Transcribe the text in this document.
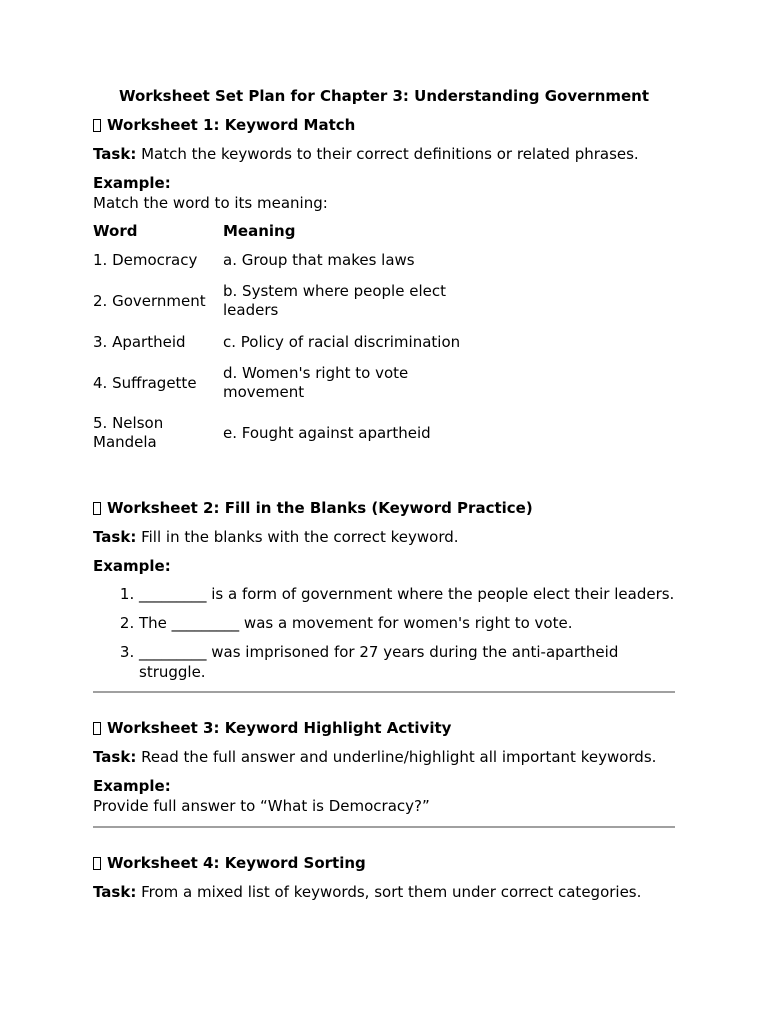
Worksheet Set Plan for Chapter 3: Understanding Government
Worksheet 1: Keyword Match

Task: Match the keywords to their correct definitions or related phrases.

Example:

Match the word to its meaning:

Word	Meaning
1. Democracy	a. Group that makes laws
2. Government	b. System where people elect leaders
3. Apartheid	c. Policy of racial discrimination
4. Suffragette	d. Women's right to vote movement
5. Nelson Mandela	e. Fought against apartheid
Worksheet 2: Fill in the Blanks (Keyword Practice)

Task: Fill in the blanks with the correct keyword.

Example:

1. _________ is a form of government where the people elect their leaders.
2. The _________ was a movement for women's right to vote.
3. _________ was imprisoned for 27 years during the anti-apartheid struggle.
Worksheet 3: Keyword Highlight Activity

Task: Read the full answer and underline/highlight all important keywords.

Example:

Provide full answer to “What is Democracy?”

Worksheet 4: Keyword Sorting

Task: From a mixed list of keywords, sort them under correct categories.
